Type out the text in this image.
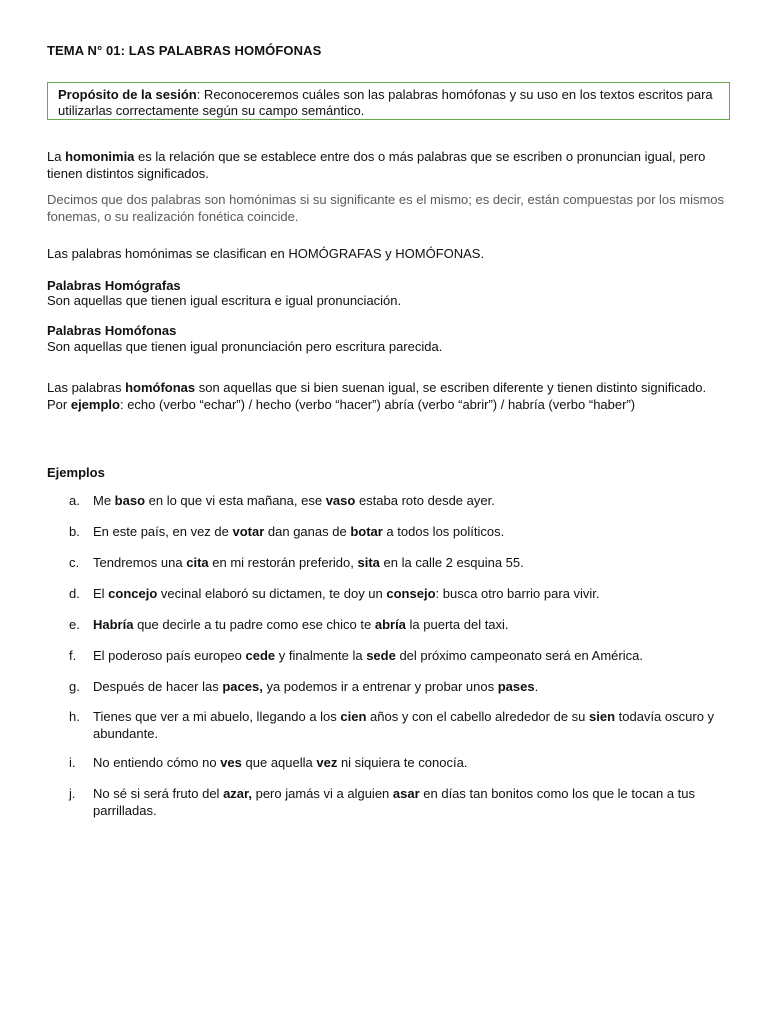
TEMA N° 01: LAS PALABRAS HOMÓFONAS
Propósito de la sesión: Reconoceremos cuáles son las palabras homófonas y su uso en los textos escritos para utilizarlas correctamente según su campo semántico.
La homonimia es la relación que se establece entre dos o más palabras que se escriben o pronuncian igual, pero tienen distintos significados.
Decimos que dos palabras son homónimas si su significante es el mismo; es decir, están compuestas por los mismos fonemas, o su realización fonética coincide.
Las palabras homónimas se clasifican en HOMÓGRAFAS y HOMÓFONAS.
Palabras Homógrafas
Son aquellas que tienen igual escritura e igual pronunciación.
Palabras Homófonas
Son aquellas que tienen igual pronunciación pero escritura parecida.
Las palabras homófonas son aquellas que si bien suenan igual, se escriben diferente y tienen distinto significado. Por ejemplo: echo (verbo “echar”) / hecho (verbo “hacer”) abría (verbo “abrir”) / habría (verbo “haber”)
Ejemplos
a. Me baso en lo que vi esta mañana, ese vaso estaba roto desde ayer.
b. En este país, en vez de votar dan ganas de botar a todos los políticos.
c. Tendremos una cita en mi restorán preferido, sita en la calle 2 esquina 55.
d. El concejo vecinal elaboró su dictamen, te doy un consejo: busca otro barrio para vivir.
e. Habría que decirle a tu padre como ese chico te abría la puerta del taxi.
f. El poderoso país europeo cede y finalmente la sede del próximo campeonato será en América.
g. Después de hacer las paces, ya podemos ir a entrenar y probar unos pases.
h. Tienes que ver a mi abuelo, llegando a los cien años y con el cabello alrededor de su sien todavía oscuro y abundante.
i. No entiendo cómo no ves que aquella vez ni siquiera te conocía.
j. No sé si será fruto del azar, pero jamás vi a alguien asar en días tan bonitos como los que le tocan a tus parrilladas.
